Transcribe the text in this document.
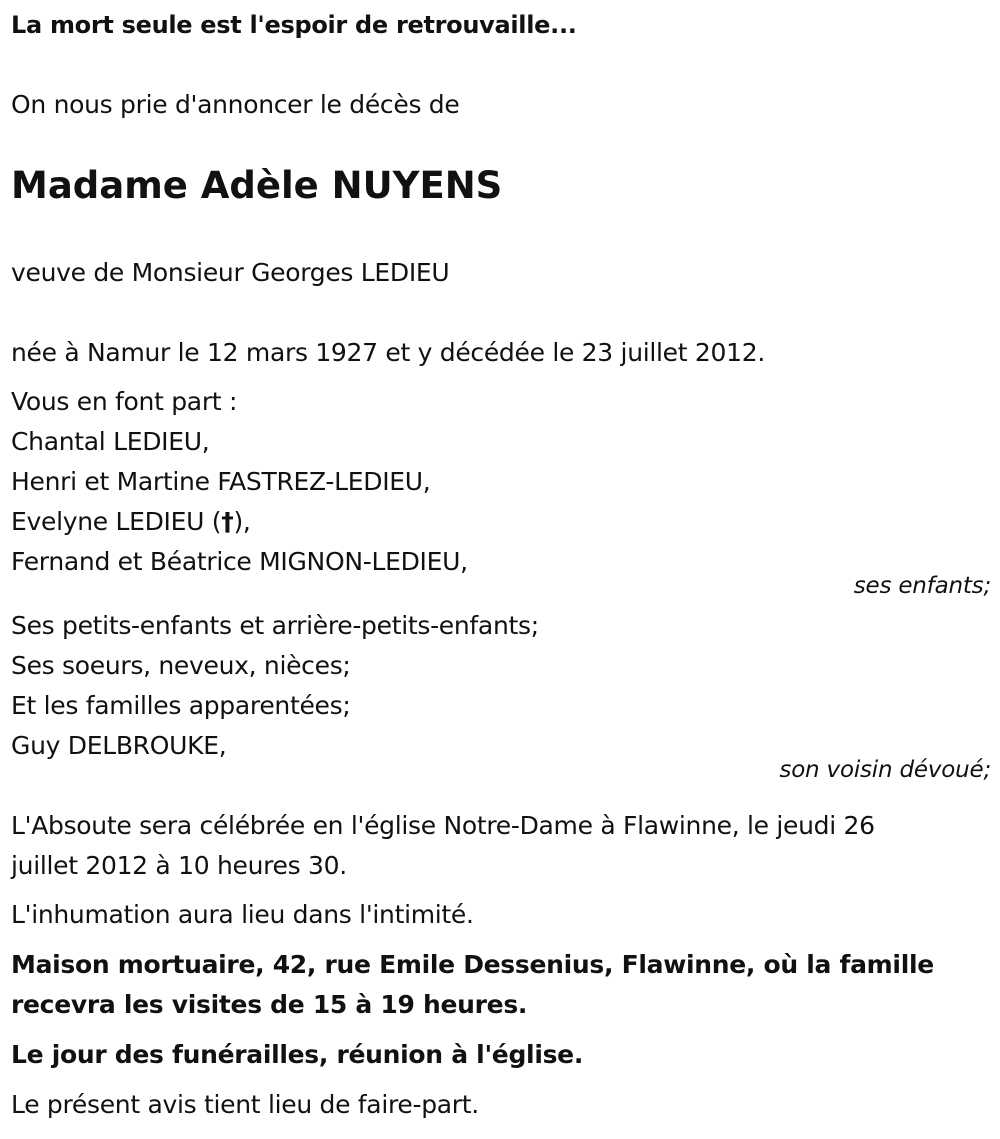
La mort seule est l'espoir de retrouvaille...
On nous prie d'annoncer le décès de
Madame Adèle NUYENS
veuve de Monsieur Georges LEDIEU
née à Namur le 12 mars 1927 et y décédée le 23 juillet 2012.
Vous en font part :
Chantal LEDIEU,
Henri et Martine FASTREZ-LEDIEU,
Evelyne LEDIEU (†),
Fernand et Béatrice MIGNON-LEDIEU,
ses enfants;
Ses petits-enfants et arrière-petits-enfants;
Ses soeurs, neveux, nièces;
Et les familles apparentées;
Guy DELBROUKE,
son voisin dévoué;
L'Absoute sera célébrée en l'église Notre-Dame à Flawinne, le jeudi 26
juillet 2012 à 10 heures 30.
L'inhumation aura lieu dans l'intimité.
Maison mortuaire, 42, rue Emile Dessenius, Flawinne, où la famille
recevra les visites de 15 à 19 heures.
Le jour des funérailles, réunion à l'église.
Le présent avis tient lieu de faire-part.
